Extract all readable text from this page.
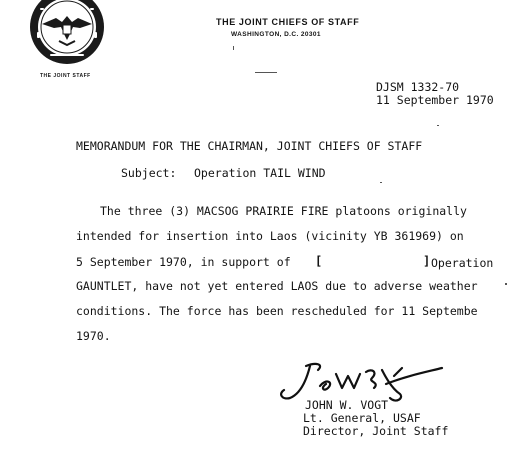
THE JOINT STAFF
THE JOINT CHIEFS OF STAFF
WASHINGTON, D.C. 20301
DJSM 1332-70
11 September 1970
MEMORANDUM FOR THE CHAIRMAN, JOINT CHIEFS OF STAFF
Subject: Operation TAIL WIND
The three (3) MACSOG PRAIRIE FIRE platoons originally
intended for insertion into Laos (vicinity YB 361969) on
5 September 1970, in support of [	] Operation
GAUNTLET, have not yet entered LAOS due to adverse weather
conditions. The force has been rescheduled for 11 Septembe
1970.
JOHN W. VOGT
Lt. General, USAF
Director, Joint Staff
